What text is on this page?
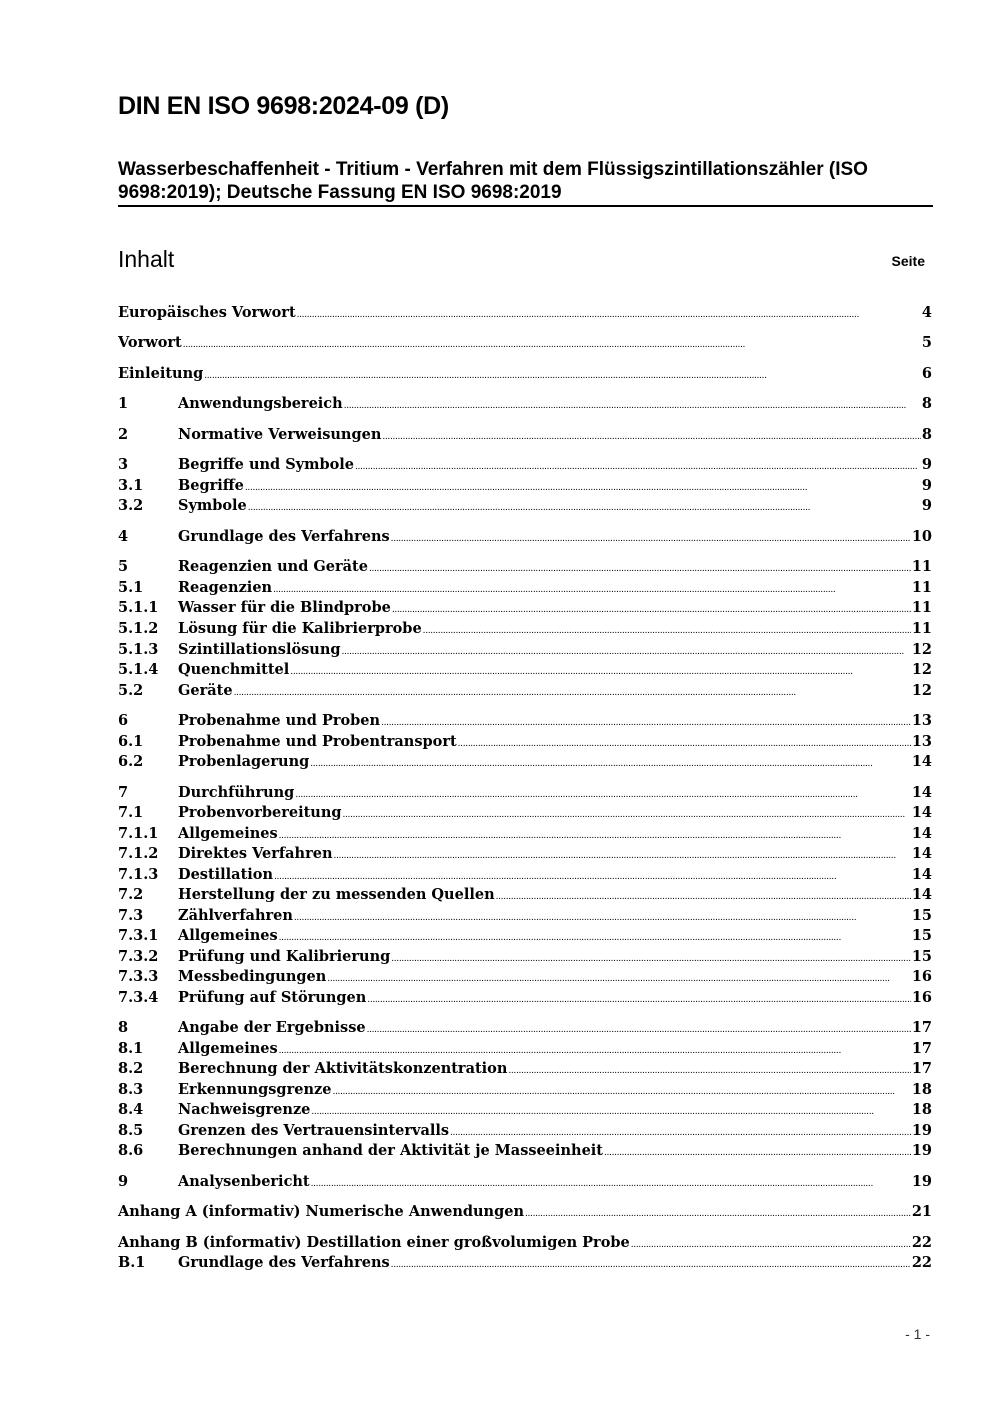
DIN EN ISO 9698:2024-09 (D)
Wasserbeschaffenheit - Tritium - Verfahren mit dem Flüssigszintillationszähler (ISO 9698:2019); Deutsche Fassung EN ISO 9698:2019
Inhalt	Seite
Europäisches Vorwort . . .	4
Vorwort . . .	5
Einleitung . . .	6
1	Anwendungsbereich . . .	8
2	Normative Verweisungen . . .	8
3	Begriffe und Symbole . . .	9
3.1	Begriffe . . .	9
3.2	Symbole . . .	9
4	Grundlage des Verfahrens . . .	10
5	Reagenzien und Geräte . . .	11
5.1	Reagenzien . . .	11
5.1.1	Wasser für die Blindprobe . . .	11
5.1.2	Lösung für die Kalibrierprobe . . .	11
5.1.3	Szintillationslösung . . .	12
5.1.4	Quenchmittel . . .	12
5.2	Geräte . . .	12
6	Probenahme und Proben . . .	13
6.1	Probenahme und Probentransport . . .	13
6.2	Probenlagerung . . .	14
7	Durchführung . . .	14
7.1	Probenvorbereitung . . .	14
7.1.1	Allgemeines . . .	14
7.1.2	Direktes Verfahren . . .	14
7.1.3	Destillation . . .	14
7.2	Herstellung der zu messenden Quellen . . .	14
7.3	Zählverfahren . . .	15
7.3.1	Allgemeines . . .	15
7.3.2	Prüfung und Kalibrierung . . .	15
7.3.3	Messbedingungen . . .	16
7.3.4	Prüfung auf Störungen . . .	16
8	Angabe der Ergebnisse . . .	17
8.1	Allgemeines . . .	17
8.2	Berechnung der Aktivitätskonzentration . . .	17
8.3	Erkennungsgrenze . . .	18
8.4	Nachweisgrenze . . .	18
8.5	Grenzen des Vertrauensintervalls . . .	19
8.6	Berechnungen anhand der Aktivität je Masseeinheit . . .	19
9	Analysenbericht . . .	19
Anhang A (informativ) Numerische Anwendungen . . .	21
Anhang B (informativ) Destillation einer großvolumigen Probe . . .	22
B.1	Grundlage des Verfahrens . . .	22
- 1 -
